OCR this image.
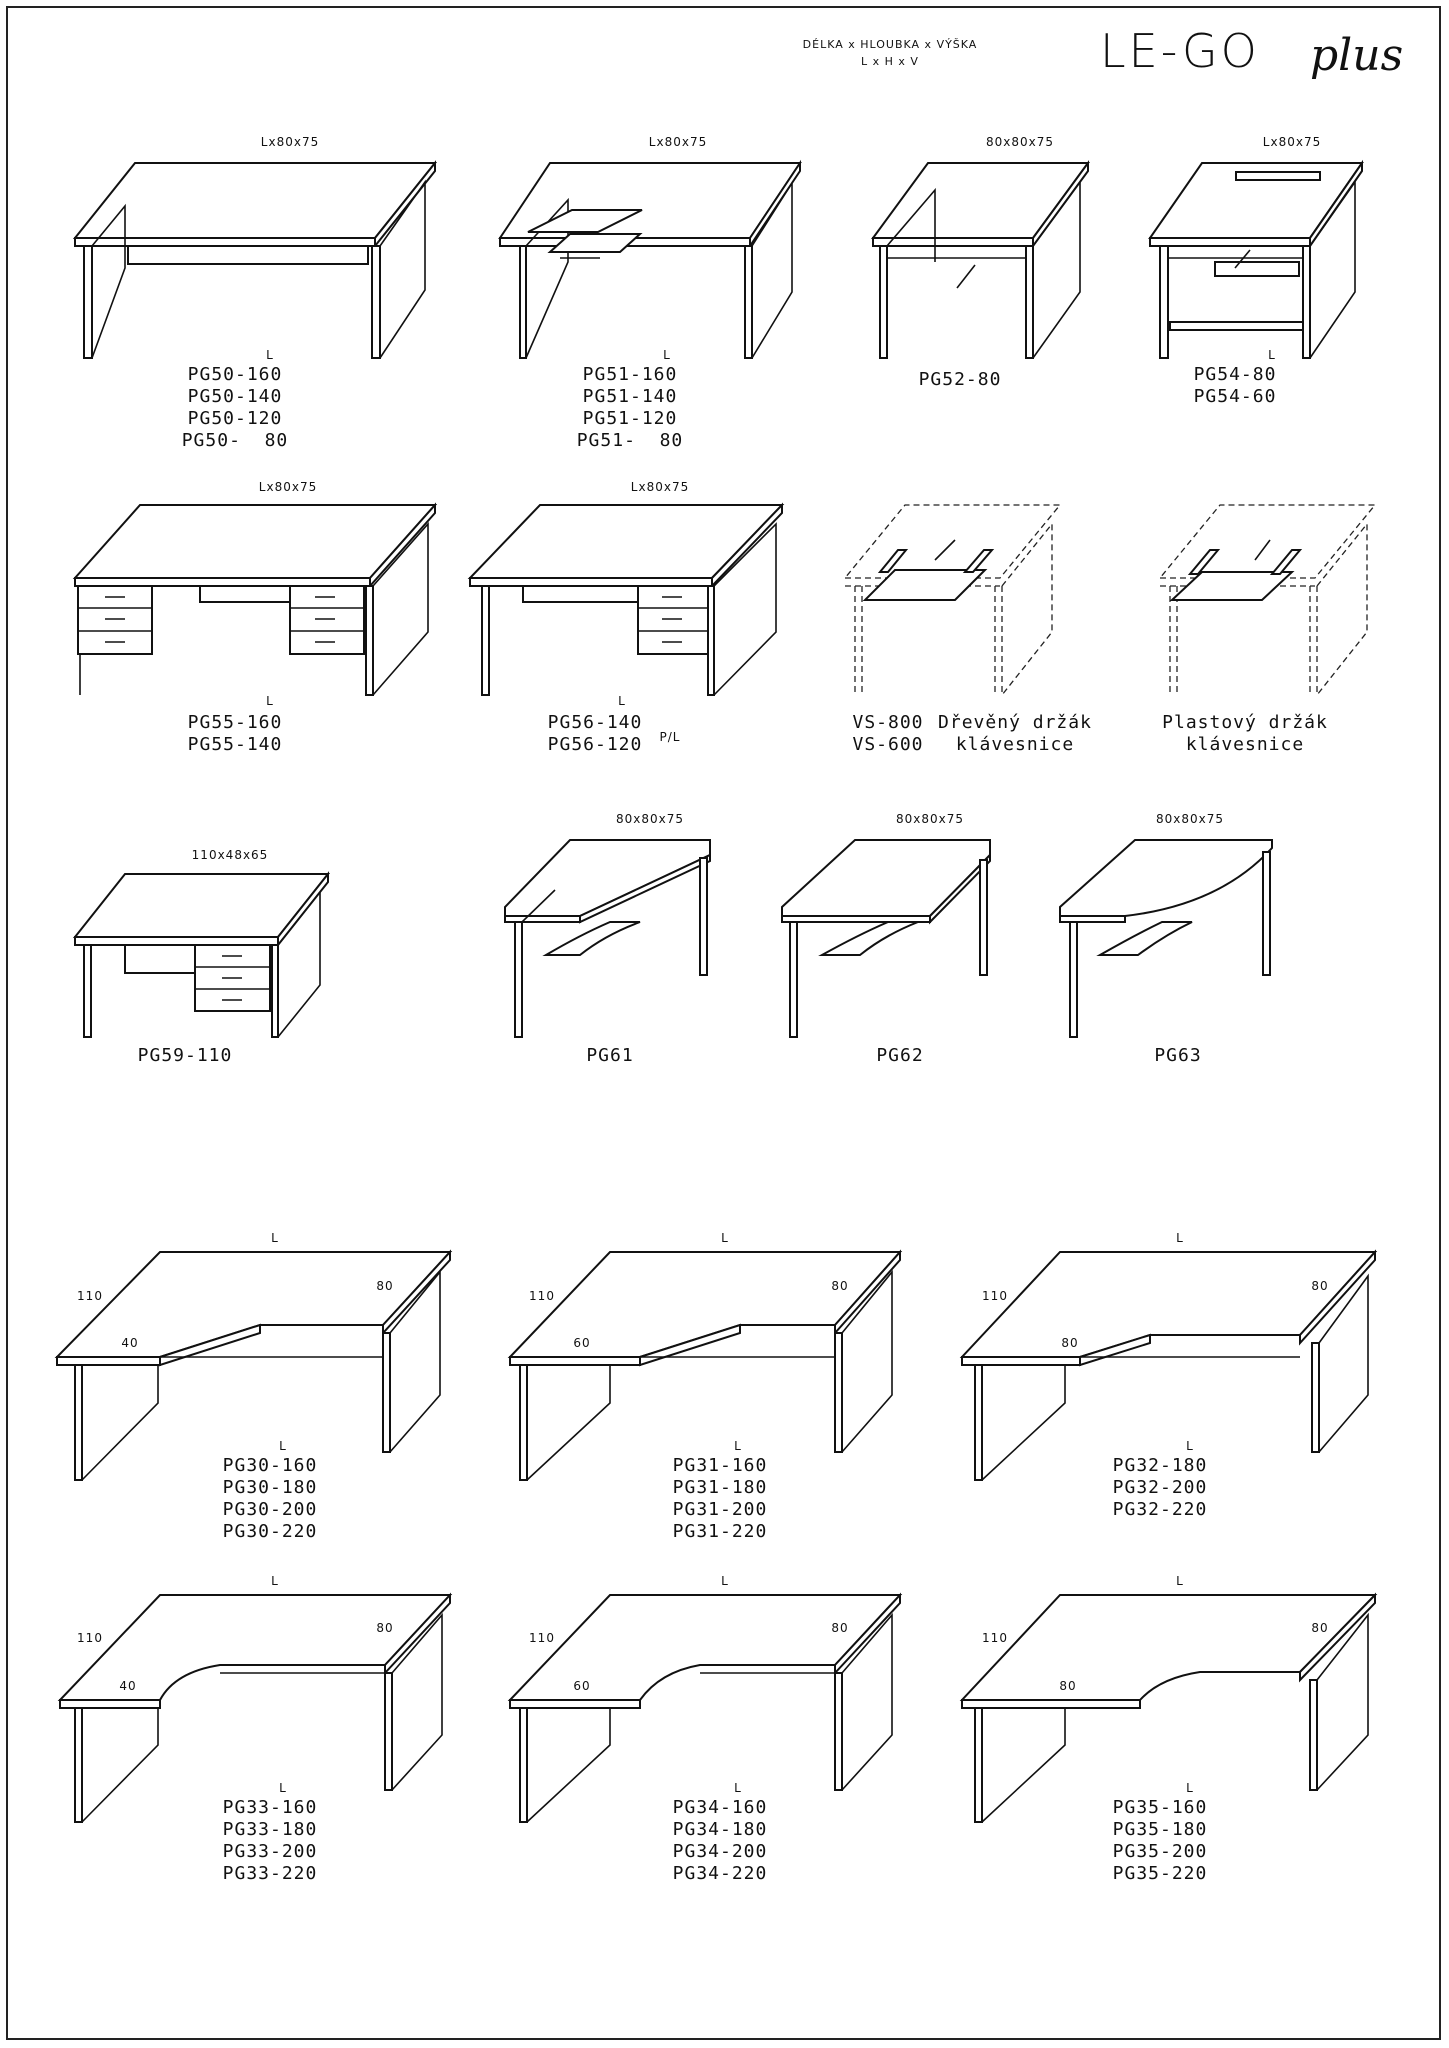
DÉLKA x HLOUBKA x VÝŠKA
L x H x V	LE-GO plus
Lx80x75
L
PG50-160
PG50-140
PG50-120
PG50-  80
Lx80x75
L
PG51-160
PG51-140
PG51-120
PG51-  80
80x80x75
PG52-80
Lx80x75
L
PG54-80
PG54-60
Lx80x75
L
PG55-160
PG55-140
Lx80x75
L
PG56-140
PG56-120	P/L
VS-800
VS-600
Dřevěný držák
klávesnice
Plastový držák
klávesnice
110x48x65
PG59-110
80x80x75
PG61
80x80x75
PG62
80x80x75
PG63
L
110
80
40
L
PG30-160
PG30-180
PG30-200
PG30-220
L
110
80
60
L
PG31-160
PG31-180
PG31-200
PG31-220
L
110
80
80
L
PG32-180
PG32-200
PG32-220
L
110
80
40
L
PG33-160
PG33-180
PG33-200
PG33-220
L
110
80
60
L
PG34-160
PG34-180
PG34-200
PG34-220
L
110
80
80
L
PG35-160
PG35-180
PG35-200
PG35-220
